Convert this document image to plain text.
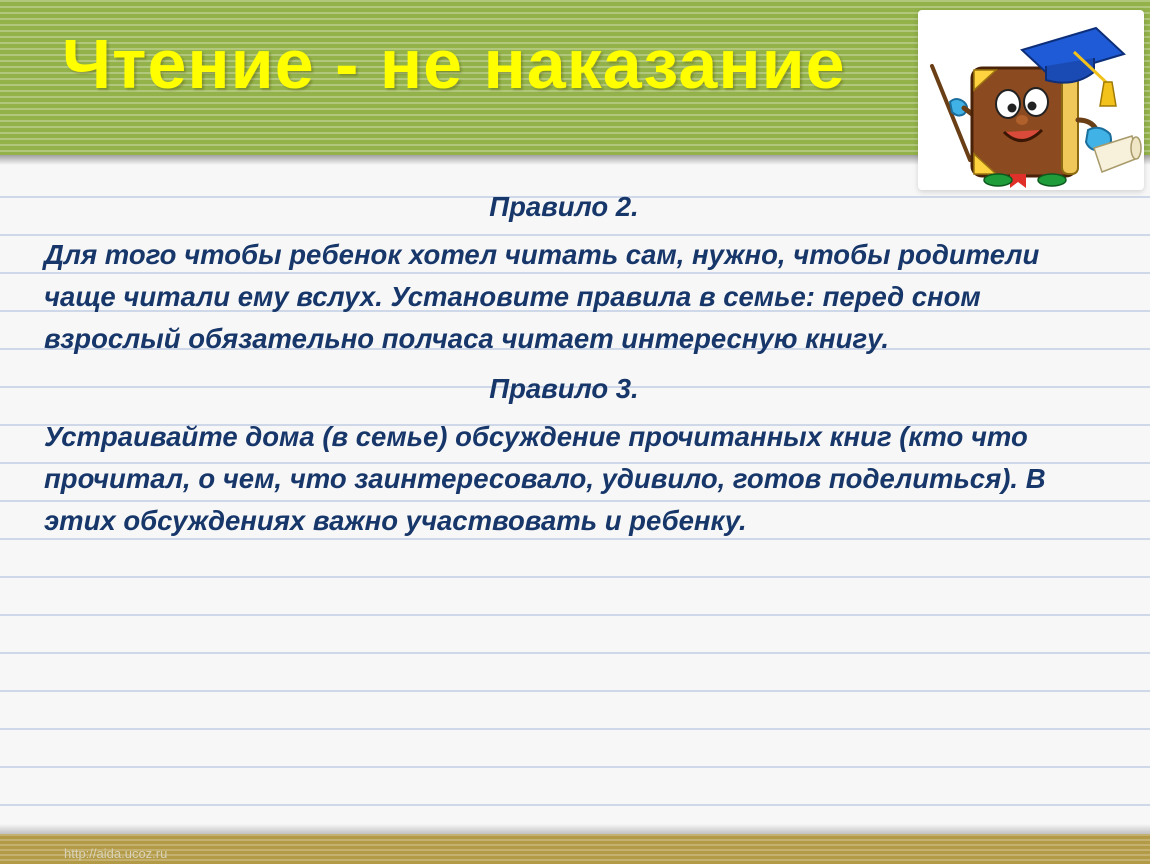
Чтение - не наказание
Правило 2.
Для того чтобы ребенок хотел читать сам, нужно, чтобы родители чаще читали ему вслух. Установите правила в семье: перед сном взрослый обязательно полчаса читает интересную книгу.
Правило 3.
Устраивайте дома (в семье) обсуждение прочитанных книг (кто что прочитал, о чем, что заинтересовало, удивило, готов поделиться). В этих обсуждениях важно участвовать и ребенку.
http://aida.ucoz.ru
